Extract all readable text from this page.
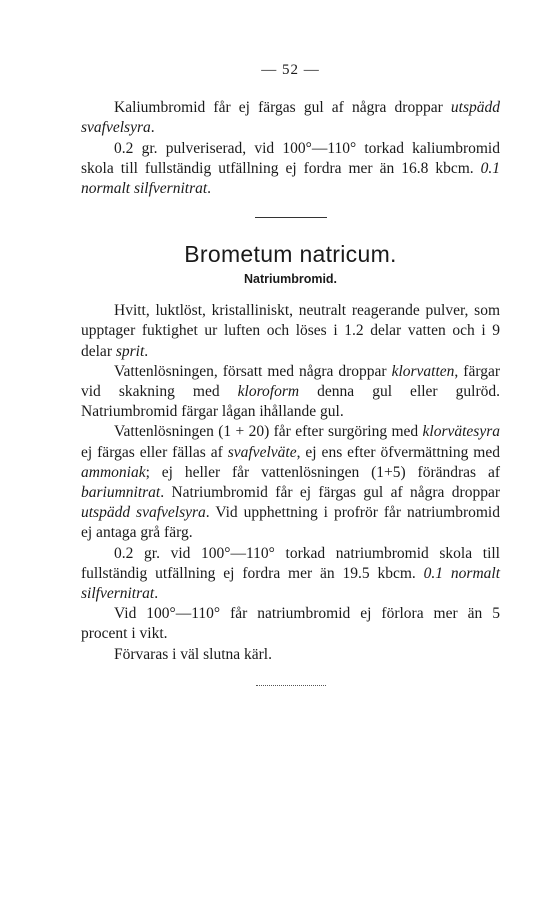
— 52 —

Kaliumbromid får ej färgas gul af några droppar utspädd svafvelsyra.

0.2 gr. pulveriserad, vid 100°—110° torkad kaliumbromid skola till fullständig utfällning ej fordra mer än 16.8 kbcm. 0.1 normalt silfvernitrat.

Brometum natricum.
Natriumbromid.

Hvitt, luktlöst, kristalliniskt, neutralt reagerande pulver, som upptager fuktighet ur luften och löses i 1.2 delar vatten och i 9 delar sprit.

Vattenlösningen, försatt med några droppar klorvatten, färgar vid skakning med kloroform denna gul eller gulröd. Natriumbromid färgar lågan ihållande gul.

Vattenlösningen (1 + 20) får efter surgöring med klorvätesyra ej färgas eller fällas af svafvelväte, ej ens efter öfvermättning med ammoniak; ej heller får vattenlösningen (1+5) förändras af bariumnitrat. Natriumbromid får ej färgas gul af några droppar utspädd svafvelsyra. Vid upphettning i profrör får natriumbromid ej antaga grå färg.

0.2 gr. vid 100°—110° torkad natriumbromid skola till fullständig utfällning ej fordra mer än 19.5 kbcm. 0.1 normalt silfvernitrat.

Vid 100°—110° får natriumbromid ej förlora mer än 5 procent i vikt.

Förvaras i väl slutna kärl.
